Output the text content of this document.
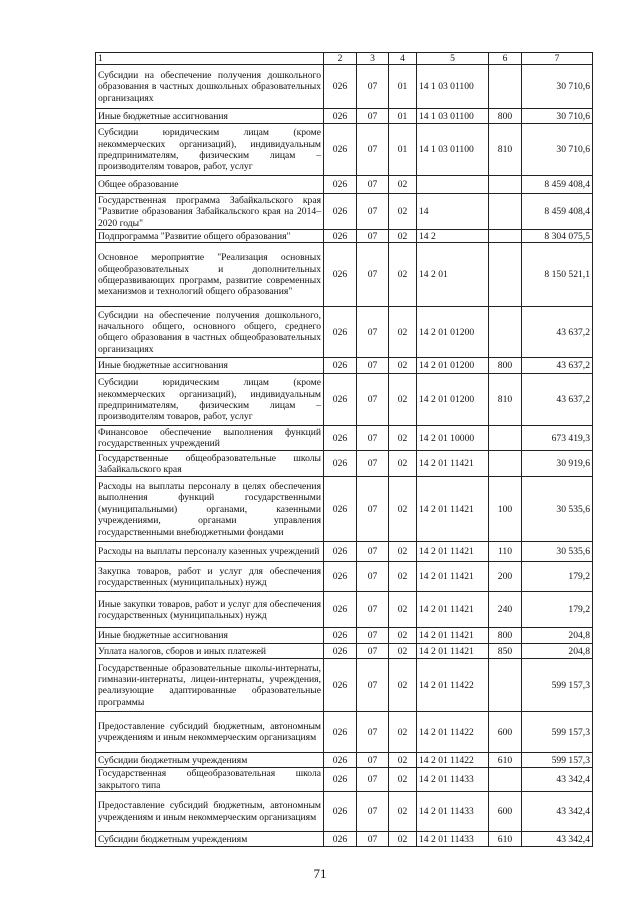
1	2	3	4	5	6	7
Субсидии на обеспечение получения дошкольного образования в частных дошкольных образовательных организациях	026	07	01	14 1 03 01100		30 710,6
Иные бюджетные ассигнования	026	07	01	14 1 03 01100	800	30 710,6
Субсидии юридическим лицам (кроме некоммерческих организаций), индивидуальным предпринимателям, физическим лицам – производителям товаров, работ, услуг	026	07	01	14 1 03 01100	810	30 710,6
Общее образование	026	07	02			8 459 408,4
Государственная программа Забайкальского края "Развитие образования Забайкальского края на 2014–2020 годы"	026	07	02	14		8 459 408,4
Подпрограмма "Развитие общего образования"	026	07	02	14 2		8 304 075,5
Основное мероприятие "Реализация основных общеобразовательных и дополнительных общеразвивающих программ, развитие современных механизмов и технологий общего образования"	026	07	02	14 2 01		8 150 521,1
Субсидии на обеспечение получения дошкольного, начального общего, основного общего, среднего общего образования в частных общеобразовательных организациях	026	07	02	14 2 01 01200		43 637,2
Иные бюджетные ассигнования	026	07	02	14 2 01 01200	800	43 637,2
Субсидии юридическим лицам (кроме некоммерческих организаций), индивидуальным предпринимателям, физическим лицам – производителям товаров, работ, услуг	026	07	02	14 2 01 01200	810	43 637,2
Финансовое обеспечение выполнения функций государственных учреждений	026	07	02	14 2 01 10000		673 419,3
Государственные общеобразовательные школы Забайкальского края	026	07	02	14 2 01 11421		30 919,6
Расходы на выплаты персоналу в целях обеспечения выполнения функций государственными (муниципальными) органами, казенными учреждениями, органами управления государственными внебюджетными фондами	026	07	02	14 2 01 11421	100	30 535,6
Расходы на выплаты персоналу казенных учреждений	026	07	02	14 2 01 11421	110	30 535,6
Закупка товаров, работ и услуг для обеспечения государственных (муниципальных) нужд	026	07	02	14 2 01 11421	200	179,2
Иные закупки товаров, работ и услуг для обеспечения государственных (муниципальных) нужд	026	07	02	14 2 01 11421	240	179,2
Иные бюджетные ассигнования	026	07	02	14 2 01 11421	800	204,8
Уплата налогов, сборов и иных платежей	026	07	02	14 2 01 11421	850	204,8
Государственные образовательные школы-интернаты, гимназии-интернаты, лицеи-интернаты, учреждения, реализующие адаптированные образовательные программы	026	07	02	14 2 01 11422		599 157,3
Предоставление субсидий бюджетным, автономным учреждениям и иным некоммерческим организациям	026	07	02	14 2 01 11422	600	599 157,3
Субсидии бюджетным учреждениям	026	07	02	14 2 01 11422	610	599 157,3
Государственная общеобразовательная школа закрытого типа	026	07	02	14 2 01 11433		43 342,4
Предоставление субсидий бюджетным, автономным учреждениям и иным некоммерческим организациям	026	07	02	14 2 01 11433	600	43 342,4
Субсидии бюджетным учреждениям	026	07	02	14 2 01 11433	610	43 342,4
71
